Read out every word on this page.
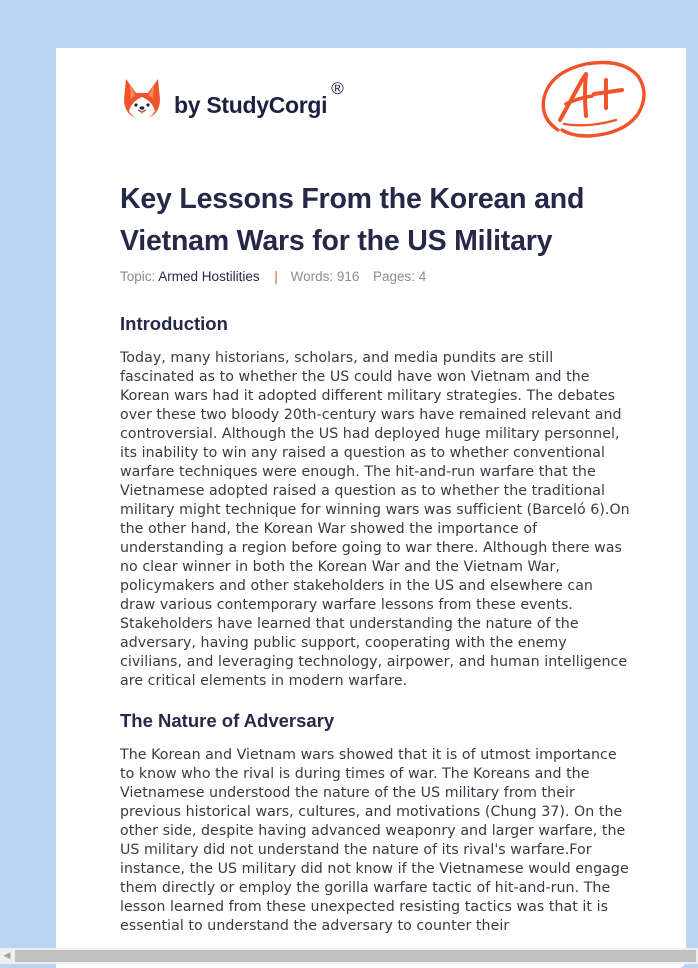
by StudyCorgi
®
Key Lessons From the Korean and Vietnam Wars for the US Military
Topic: Armed Hostilities | Words: 916 Pages: 4
Introduction

Today, many historians, scholars, and media pundits are still fascinated as to whether the US could have won Vietnam and the Korean wars had it adopted different military strategies. The debates over these two bloody 20th-century wars have remained relevant and controversial. Although the US had deployed huge military personnel, its inability to win any raised a question as to whether conventional warfare techniques were enough. The hit-and-run warfare that the Vietnamese adopted raised a question as to whether the traditional military might technique for winning wars was sufficient (Barceló 6).On the other hand, the Korean War showed the importance of understanding a region before going to war there. Although there was no clear winner in both the Korean War and the Vietnam War, policymakers and other stakeholders in the US and elsewhere can draw various contemporary warfare lessons from these events. Stakeholders have learned that understanding the nature of the adversary, having public support, cooperating with the enemy civilians, and leveraging technology, airpower, and human intelligence are critical elements in modern warfare.

The Nature of Adversary

The Korean and Vietnam wars showed that it is of utmost importance to know who the rival is during times of war. The Koreans and the Vietnamese understood the nature of the US military from their previous historical wars, cultures, and motivations (Chung 37). On the other side, despite having advanced weaponry and larger warfare, the US military did not understand the nature of its rival's warfare.For instance, the US military did not know if the Vietnamese would engage them directly or employ the gorilla warfare tactic of hit-and-run. The lesson learned from these unexpected resisting tactics was that it is essential to understand the adversary to counter their

◀
